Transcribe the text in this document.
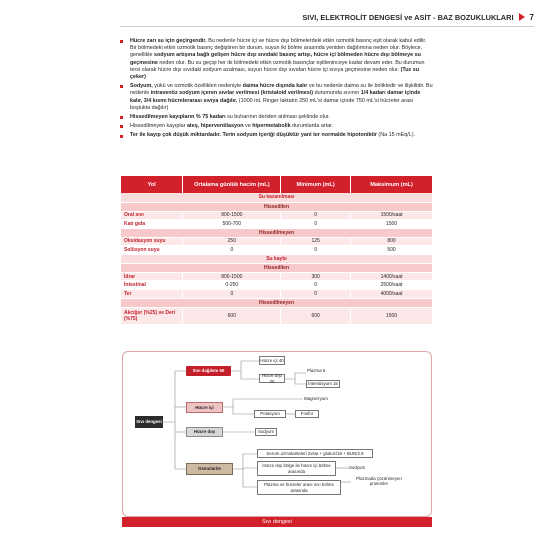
SIVI, ELEKTROLİT DENGESİ ve ASİT - BAZ BOZUKLUKLARI 7
Hücre zarı su için geçirgendir. Bu nedenle hücre içi ve hücre dışı bölmelerdeki etkin ozmotik basınç eşit olarak kabul edilir. Bir bölmedeki etkin ozmotik basınç değiştiren bir durum, suyun iki bölme arasında yeniden dağılımına neden olur. Böylece, genellikle sodyum artışına bağlı gelişen hücre dışı sıvıdaki basınç artışı, hücre içi bölmeden hücre dışı bölmeye su geçmesine neden olur. Bu su geçişi her iki bölmedeki etkin ozmotik basınçlar eşitleninceye kadar devam eder. Bu durumun tersi olarak hücre dışı sıvıdaki sodyum azalması, suyun hücre dışı sıvıdan hücre içi sıvıya geçmesine neden olur. (Tuz su çeker)
Sodyum, yükü ve ozmotik özellikleri nedeniyle daima hücre dışında kalır ve bu nedenle daima su ile birliktedir ve ilişkilidir. Bu nedenle intravenöz sodyum içeren sıvılar verilmesi (kristaloid verilmesi) durumunda sıvının 1/4 kadarı damar içinde kalır, 3/4 kısmı hücrelerarası sıvıya dağılır. (1000 mL Ringer laktatın 250 mL'si damar içinde 750 mL'si hücreler arası boşlukta dağılır)
Hissedilmeyen kayıpların % 75 kadarı su buharının deriden atılması şeklinde olur.
Hissedilmeyen kayıplar ateş, hiperventilasyon ve hipermetabolik durumlarda artar.
Ter ile kayıp çok düşük miktardadır. Terin sodyum içeriği düşüktür yani ter normalde hipotoniktir (Na 15 mEq/L).
Yol	Ortalama günlük hacim (mL)	Minimum (mL)	Maksimum (mL)
Su kazanılması			
Hissedilen			
Oral sıvı	800-1500	0	1500/saat
Katı gıda	500-700	0	1500
Hissedilmeyen			
Oksidasyon suyu	250	125	800
Solüsyon suyu	0	0	500
Su kaybı			
Hissedilen			
İdrar	800-1500	300	1400/saat
İntestinal	0-250	0	2500/saat
Ter	0	0	4000/saat
Hissedilmeyen			
Akciğer (%25) ve Deri (%75)	600	600	1500
Sıvı dengesi
Sıvı dağılımı 60
Hücre içi 40
Hücre dışı 20
Plazma 5
İnterstisyum 15
Hücre içi
Magnezyum
Potasyum	Fosfor
Hücre dışı	Sodyum
Osmolarite
Serum ozmolariteleri 2xNa + glukoz/18 + BUN/2.8
Hücre dışı bölge ile hücre içi bölme arasında
Sodyum
Plazma ve hücreler arası sıvı bölme arasında
Plazmada çözünmeyen proteinler
Sıvı dengesi
